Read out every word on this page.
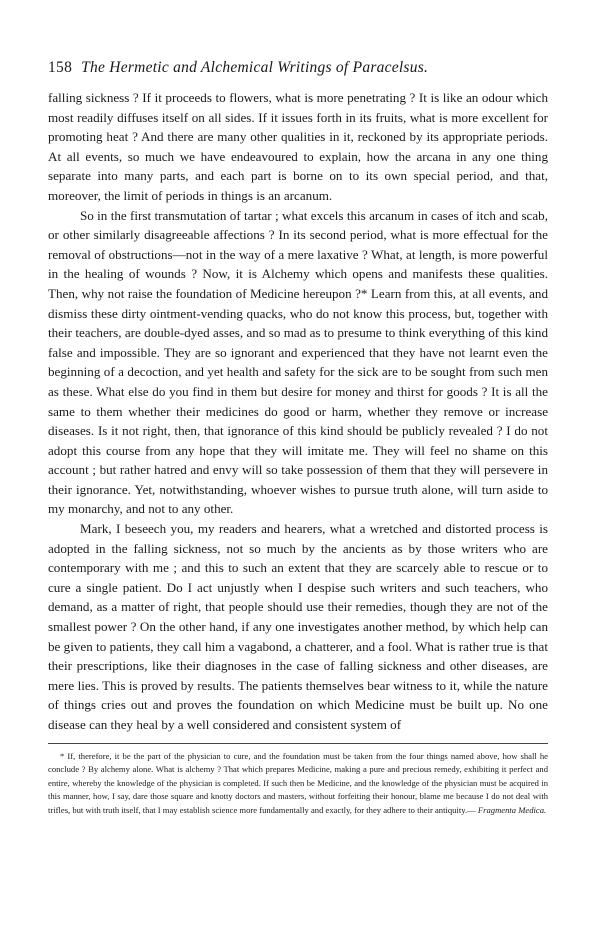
158 The Hermetic and Alchemical Writings of Paracelsus.

falling sickness ? If it proceeds to flowers, what is more penetrating ? It is like an odour which most readily diffuses itself on all sides. If it issues forth in its fruits, what is more excellent for promoting heat ? And there are many other qualities in it, reckoned by its appropriate periods. At all events, so much we have endeavoured to explain, how the arcana in any one thing separate into many parts, and each part is borne on to its own special period, and that, moreover, the limit of periods in things is an arcanum.

So in the first transmutation of tartar ; what excels this arcanum in cases of itch and scab, or other similarly disagreeable affections ? In its second period, what is more effectual for the removal of obstructions—not in the way of a mere laxative ? What, at length, is more powerful in the healing of wounds ? Now, it is Alchemy which opens and manifests these qualities. Then, why not raise the foundation of Medicine hereupon ?* Learn from this, at all events, and dismiss these dirty ointment-vending quacks, who do not know this process, but, together with their teachers, are double-dyed asses, and so mad as to presume to think everything of this kind false and impossible. They are so ignorant and experienced that they have not learnt even the beginning of a decoction, and yet health and safety for the sick are to be sought from such men as these. What else do you find in them but desire for money and thirst for goods ? It is all the same to them whether their medicines do good or harm, whether they remove or increase diseases. Is it not right, then, that ignorance of this kind should be publicly revealed ? I do not adopt this course from any hope that they will imitate me. They will feel no shame on this account ; but rather hatred and envy will so take possession of them that they will persevere in their ignorance. Yet, notwithstanding, whoever wishes to pursue truth alone, will turn aside to my monarchy, and not to any other.

Mark, I beseech you, my readers and hearers, what a wretched and distorted process is adopted in the falling sickness, not so much by the ancients as by those writers who are contemporary with me ; and this to such an extent that they are scarcely able to rescue or to cure a single patient. Do I act unjustly when I despise such writers and such teachers, who demand, as a matter of right, that people should use their remedies, though they are not of the smallest power ? On the other hand, if any one investigates another method, by which help can be given to patients, they call him a vagabond, a chatterer, and a fool. What is rather true is that their prescriptions, like their diagnoses in the case of falling sickness and other diseases, are mere lies. This is proved by results. The patients themselves bear witness to it, while the nature of things cries out and proves the foundation on which Medicine must be built up. No one disease can they heal by a well considered and consistent system of

* If, therefore, it be the part of the physician to cure, and the foundation must be taken from the four things named above, how shall he conclude ? By alchemy alone. What is alchemy ? That which prepares Medicine, making a pure and precious remedy, exhibiting it perfect and entire, whereby the knowledge of the physician is completed. If such then be Medicine, and the knowledge of the physician must be acquired in this manner, how, I say, dare those square and knotty doctors and masters, without forfeiting their honour, blame me because I do not deal with trifles, but with truth itself, that I may establish science more fundamentally and exactly, for they adhere to their antiquity.— Fragmenta Medica.
